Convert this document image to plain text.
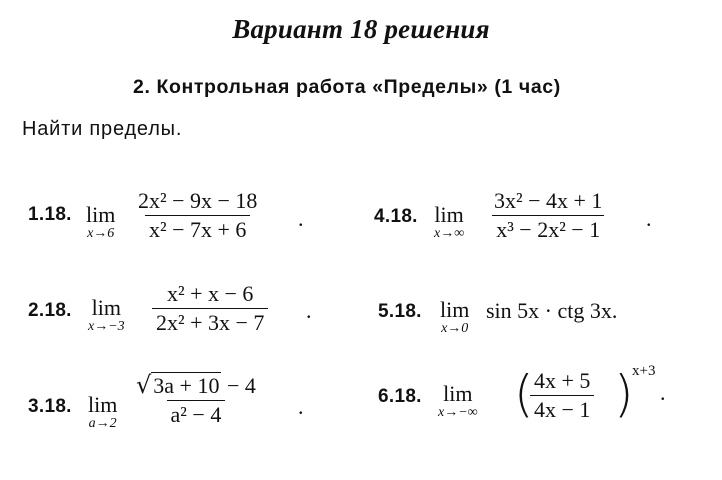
Вариант 18 решения
2. Контрольная работа «Пределы» (1 час)
Найти пределы.
1.18. lim
$x\to 6 \frac{\text{2x² − 9x − 18}}{\text{x² − 7x + 6}}$ .
2.18. lim
$x\to-3 \frac{\text{x² + x − 6}}{\text{2x² + 3x − 7}}$ .
3.18. lim
$a\to 2 \frac{√3a + 10 - 4}{\text{a² − 4}}$ .
4.18. lim
$x\to\infty \frac{\text{3x² − 4x + 1}}{\text{x³ − 2x² − 1}}$ .
5.18. lim
x→0
sin 5x · ctg 3x.
6.18. lim
x→−∞ (
$\frac{4x + 5}{4x - 1}$ )
x+3
.
